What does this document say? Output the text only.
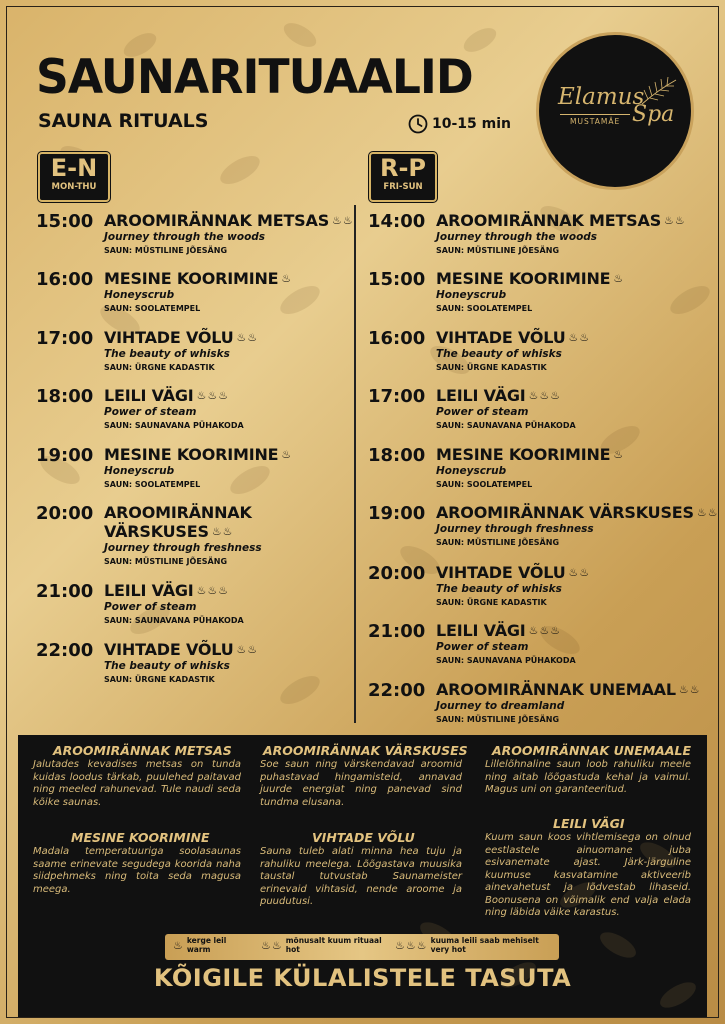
SAUNARITUAALID
SAUNA RITUALS	10-15 min
Elamus
Spa
MUSTAMÄE
E-N
MON-THU
R-P
FRI-SUN
15:00 AROOMIRÄNNAK METSAS ♨♨
Journey through the woods
SAUN: MÜSTILINE JÕESÄNG
16:00 MESINE KOORIMINE ♨
Honeyscrub
SAUN: SOOLATEMPEL
17:00 VIHTADE VÕLU ♨♨
The beauty of whisks
SAUN: ÜRGNE KADASTIK
18:00 LEILI VÄGI ♨♨♨
Power of steam
SAUN: SAUNAVANA PÜHAKODA
19:00 MESINE KOORIMINE ♨
Honeyscrub
SAUN: SOOLATEMPEL
20:00 AROOMIRÄNNAK
VÄRSKUSES ♨♨
Journey through freshness
SAUN: MÜSTILINE JÕESÄNG
21:00 LEILI VÄGI ♨♨♨
Power of steam
SAUN: SAUNAVANA PÜHAKODA
22:00 VIHTADE VÕLU ♨♨
The beauty of whisks
SAUN: ÜRGNE KADASTIK
14:00 AROOMIRÄNNAK METSAS ♨♨
Journey through the woods
SAUN: MÜSTILINE JÕESÄNG
15:00 MESINE KOORIMINE ♨
Honeyscrub
SAUN: SOOLATEMPEL
16:00 VIHTADE VÕLU ♨♨
The beauty of whisks
SAUN: ÜRGNE KADASTIK
17:00 LEILI VÄGI ♨♨♨
Power of steam
SAUN: SAUNAVANA PÜHAKODA
18:00 MESINE KOORIMINE ♨
Honeyscrub
SAUN: SOOLATEMPEL
19:00 AROOMIRÄNNAK VÄRSKUSES ♨♨
Journey through freshness
SAUN: MÜSTILINE JÕESÄNG
20:00 VIHTADE VÕLU ♨♨
The beauty of whisks
SAUN: ÜRGNE KADASTIK
21:00 LEILI VÄGI ♨♨♨
Power of steam
SAUN: SAUNAVANA PÜHAKODA
22:00 AROOMIRÄNNAK UNEMAAL ♨♨
Journey to dreamland
SAUN: MÜSTILINE JÕESÄNG
AROOMIRÄNNAK METSAS
Jalutades kevadises metsas on tunda kuidas loodus tärkab, puulehed paitavad ning meeled rahunevad. Tule naudi seda kõike saunas.
AROOMIRÄNNAK VÄRSKUSES
Soe saun ning värskendavad aroomid puhastavad hingamisteid, annavad juurde energiat ning panevad sind tundma elusana.
AROOMIRÄNNAK UNEMAALE
Lillelõhnaline saun loob rahuliku meele ning aitab lõõgastuda kehal ja vaimul. Magus uni on garanteeritud.
MESINE KOORIMINE
Madala temperatuuriga soolasaunas saame erinevate segudega koorida naha siidpehmeks ning toita seda magusa meega.
VIHTADE VÕLU
Sauna tuleb alati minna hea tuju ja rahuliku meelega. Lõõgastava muusika taustal tutvustab Saunameister erinevaid vihtasid, nende aroome ja puudutusi.
LEILI VÄGI
Kuum saun koos vihtlemisega on olnud eestlastele ainuomane juba esivanemate ajast. Järk-järguline kuumuse kasvatamine aktiveerib ainevahetust ja lõdvestab lihaseid. Boonusena on võimalik end valja elada ning läbida väike karastus.
♨ kerge leil
warm	♨♨ mõnusalt kuum rituaal
hot	♨♨♨ kuuma leili saab mehiselt
very hot
KÕIGILE KÜLALISTELE TASUTA
